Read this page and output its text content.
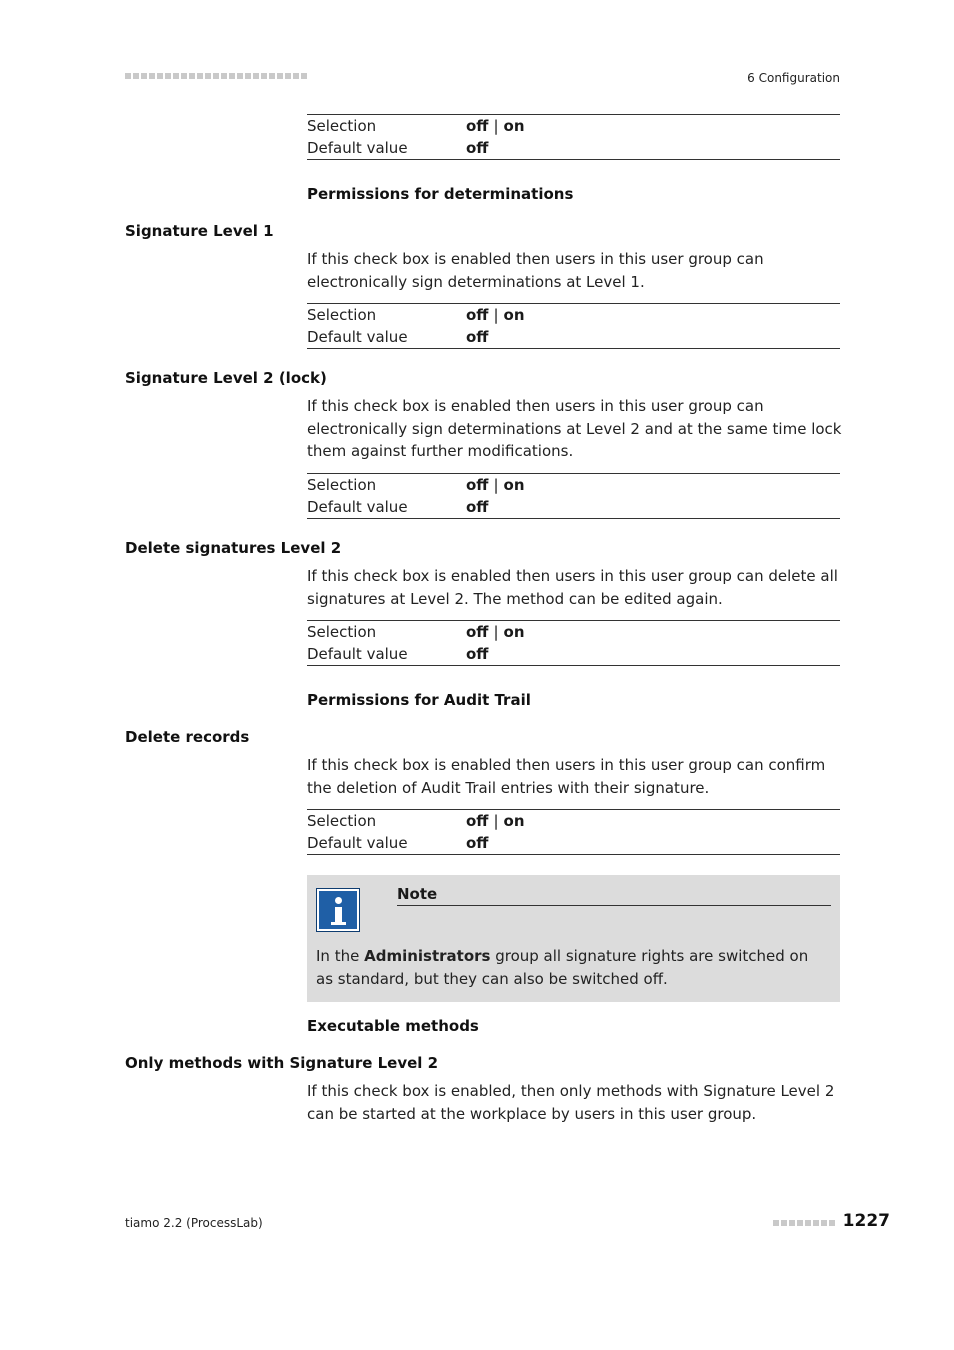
6 Configuration
Selection	off | on
Default value	off
Permissions for determinations
Signature Level 1
If this check box is enabled then users in this user group can electronically sign determinations at Level 1.
Selection	off | on
Default value	off
Signature Level 2 (lock)
If this check box is enabled then users in this user group can electronically sign determinations at Level 2 and at the same time lock them against further modifications.
Selection	off | on
Default value	off
Delete signatures Level 2
If this check box is enabled then users in this user group can delete all signatures at Level 2. The method can be edited again.
Selection	off | on
Default value	off
Permissions for Audit Trail
Delete records
If this check box is enabled then users in this user group can confirm the deletion of Audit Trail entries with their signature.
Selection	off | on
Default value	off
Note
In the Administrators group all signature rights are switched on as standard, but they can also be switched off.
Executable methods
Only methods with Signature Level 2
If this check box is enabled, then only methods with Signature Level 2 can be started at the workplace by users in this user group.
tiamo 2.2 (ProcessLab)	1227
